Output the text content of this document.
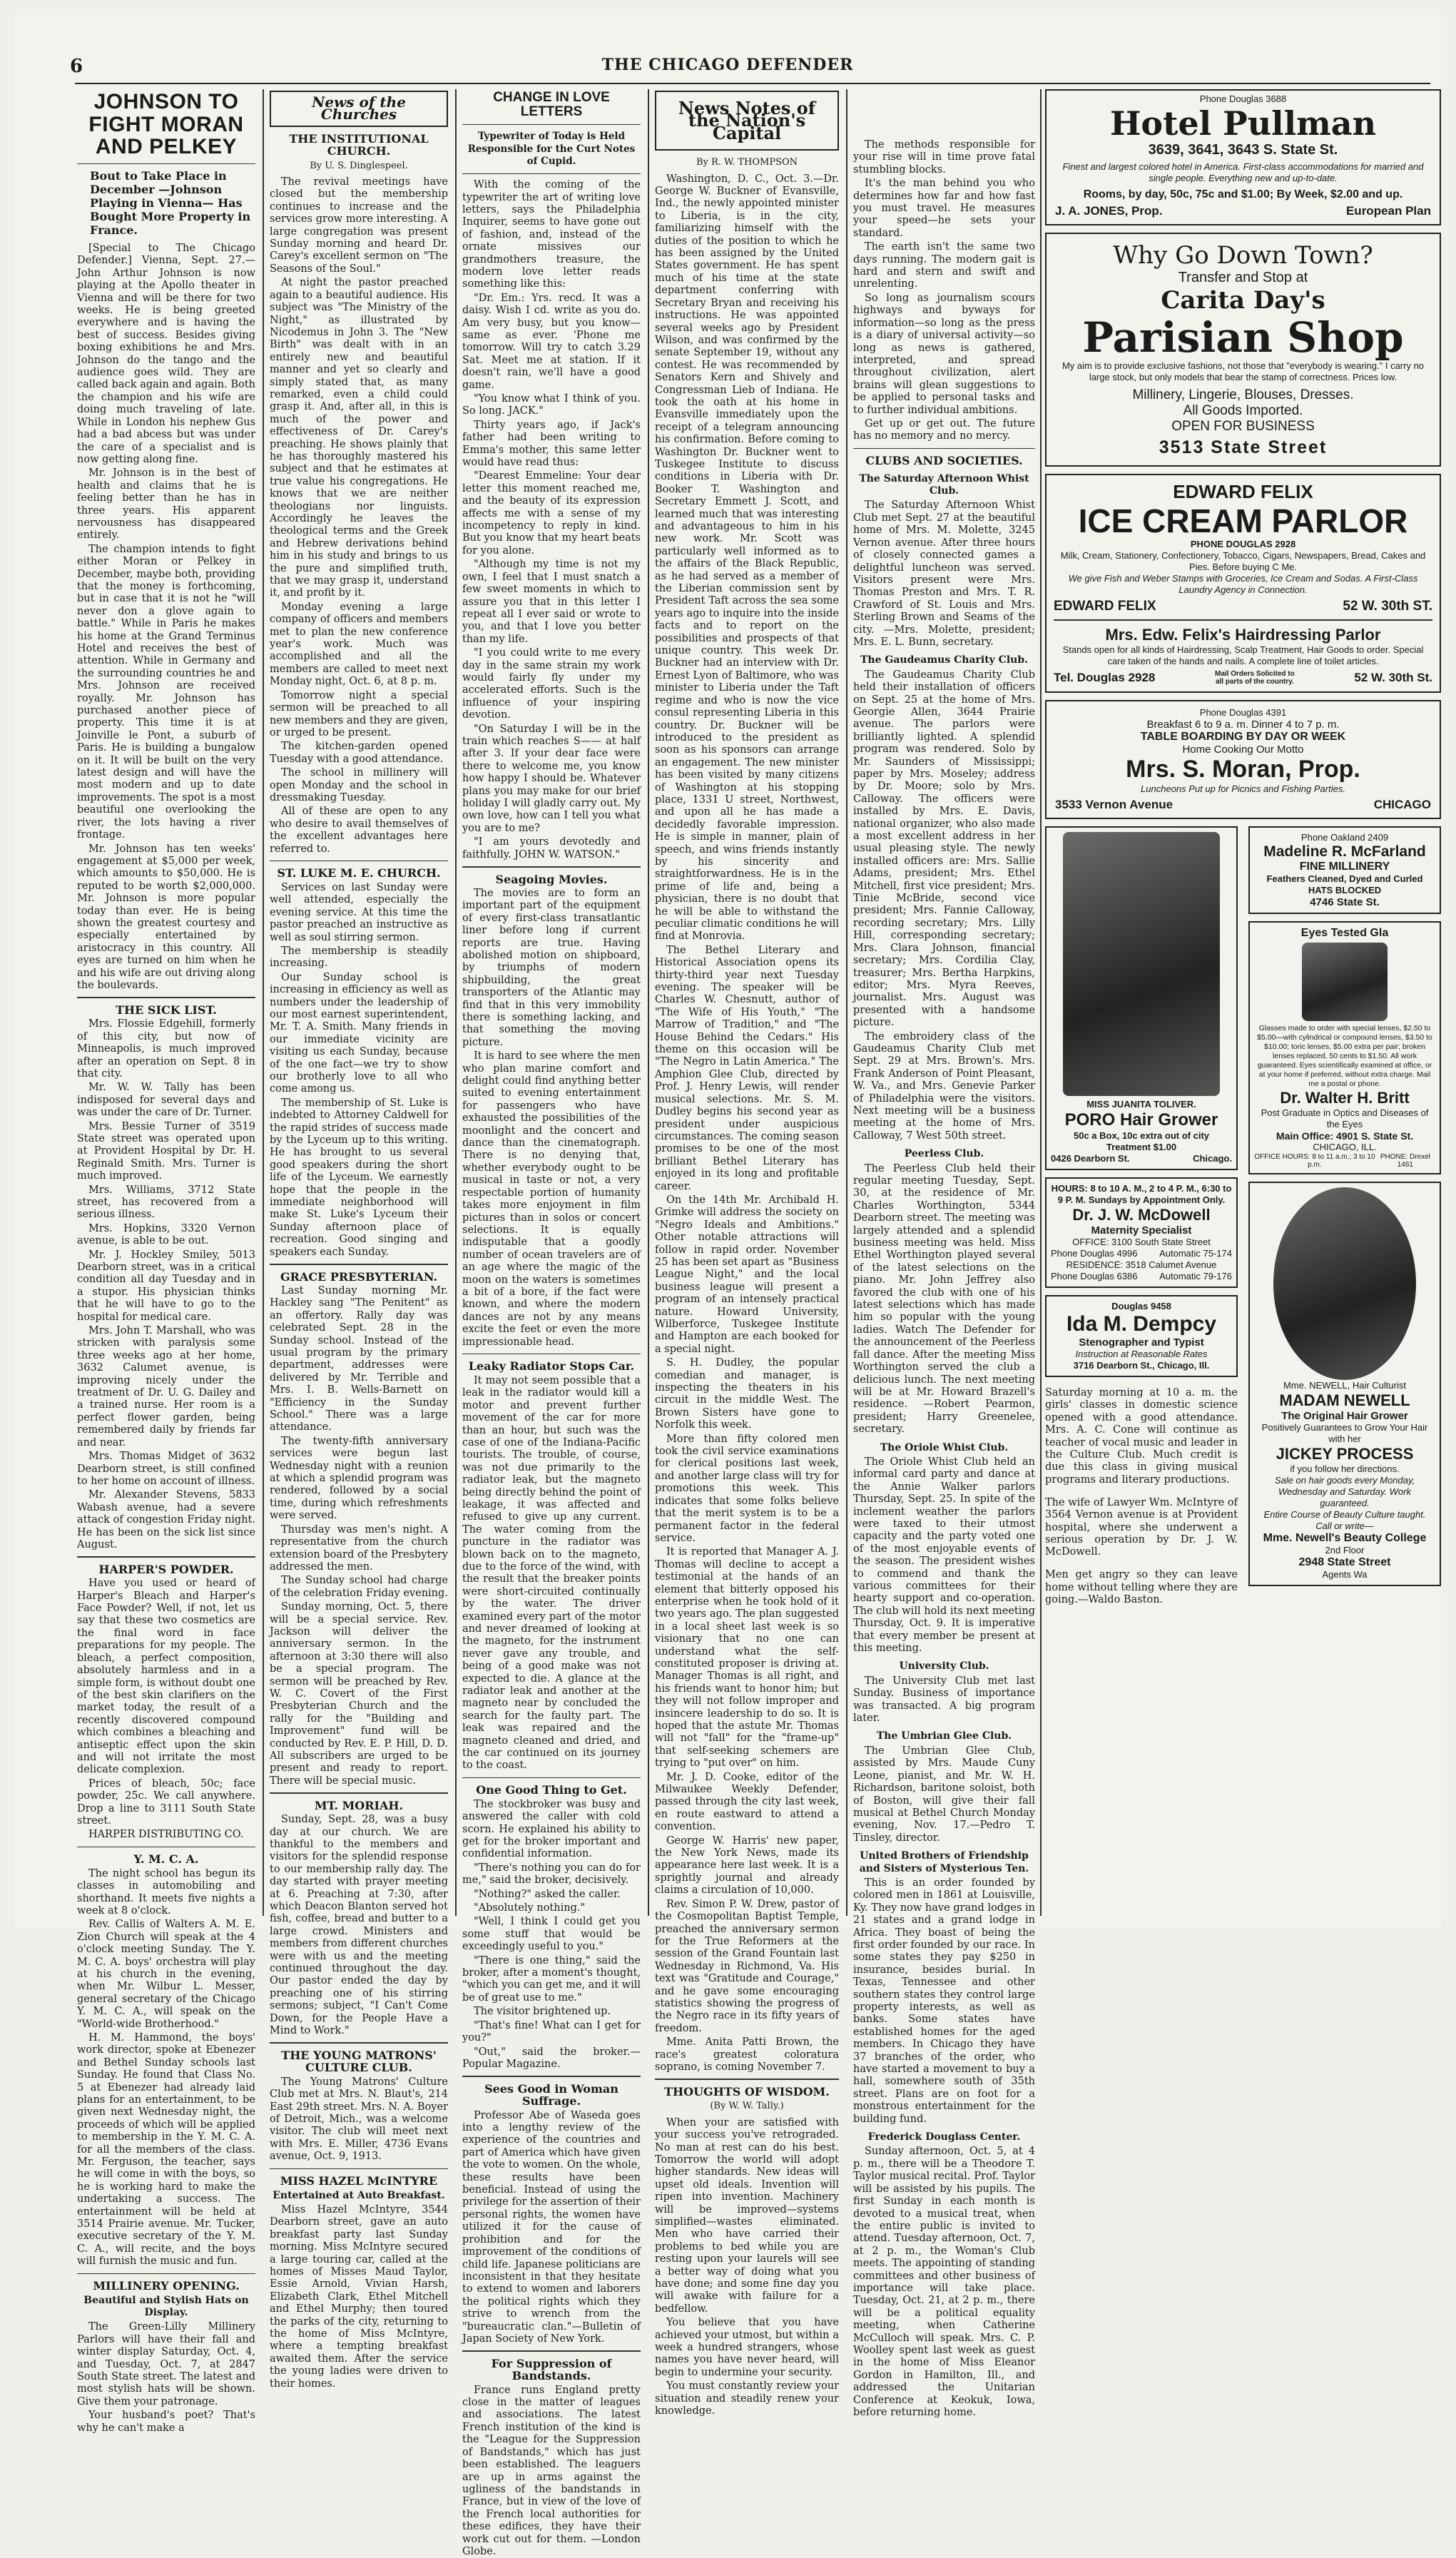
6	THE CHICAGO DEFENDER
JOHNSON TO FIGHT MORAN AND PELKEY
Bout to Take Place in December —Johnson Playing in Vienna— Has Bought More Property in France.

[Special to The Chicago Defender.] Vienna, Sept. 27.—John Arthur Johnson is now playing at the Apollo theater in Vienna and will be there for two weeks. He is being greeted everywhere and is having the best of success. Besides giving boxing exhibitions he and Mrs. Johnson do the tango and the audience goes wild. They are called back again and again. Both the champion and his wife are doing much traveling of late. While in London his nephew Gus had a bad abcess but was under the care of a specialist and is now getting along fine.

Mr. Johnson is in the best of health and claims that he is feeling better than he has in three years. His apparent nervousness has disappeared entirely.

The champion intends to fight either Moran or Pelkey in December, maybe both, providing that the money is forthcoming, but in case that it is not he "will never don a glove again to battle." While in Paris he makes his home at the Grand Terminus Hotel and receives the best of attention. While in Germany and the surrounding countries he and Mrs. Johnson are received royally. Mr. Johnson has purchased another piece of property. This time it is at Joinville le Pont, a suburb of Paris. He is building a bungalow on it. It will be built on the very latest design and will have the most modern and up to date improvements. The spot is a most beautiful one overlooking the river, the lots having a river frontage.

Mr. Johnson has ten weeks' engagement at $5,000 per week, which amounts to $50,000. He is reputed to be worth $2,000,000. Mr. Johnson is more popular today than ever. He is being shown the greatest courtesy and especially entertained by aristocracy in this country. All eyes are turned on him when he and his wife are out driving along the boulevards.

THE SICK LIST.

Mrs. Flossie Edgehill, formerly of this city, but now of Minneapolis, is much improved after an operation on Sept. 8 in that city.

Mr. W. W. Tally has been indisposed for several days and was under the care of Dr. Turner.

Mrs. Bessie Turner of 3519 State street was operated upon at Provident Hospital by Dr. H. Reginald Smith. Mrs. Turner is much improved.

Mrs. Williams, 3712 State street, has recovered from a serious illness.

Mrs. Hopkins, 3320 Vernon avenue, is able to be out.

Mr. J. Hockley Smiley, 5013 Dearborn street, was in a critical condition all day Tuesday and in a stupor. His physician thinks that he will have to go to the hospital for medical care.

Mrs. John T. Marshall, who was stricken with paralysis some three weeks ago at her home, 3632 Calumet avenue, is improving nicely under the treatment of Dr. U. G. Dailey and a trained nurse. Her room is a perfect flower garden, being remembered daily by friends far and near.

Mrs. Thomas Midget of 3632 Dearborn street, is still confined to her home on account of illness.

Mr. Alexander Stevens, 5833 Wabash avenue, had a severe attack of congestion Friday night. He has been on the sick list since August.

HARPER'S POWDER.

Have you used or heard of Harper's Bleach and Harper's Face Powder? Well, if not, let us say that these two cosmetics are the final word in face preparations for my people. The bleach, a perfect composition, absolutely harmless and in a simple form, is without doubt one of the best skin clarifiers on the market today, the result of a recently discovered compound which combines a bleaching and antiseptic effect upon the skin and will not irritate the most delicate complexion.

Prices of bleach, 50c; face powder, 25c. We call anywhere. Drop a line to 3111 South State street.

HARPER DISTRIBUTING CO.

Y. M. C. A.

The night school has begun its classes in automobiling and shorthand. It meets five nights a week at 8 o'clock.

Rev. Callis of Walters A. M. E. Zion Church will speak at the 4 o'clock meeting Sunday. The Y. M. C. A. boys' orchestra will play at his church in the evening, when Mr. Wilbur L. Messer, general secretary of the Chicago Y. M. C. A., will speak on the "World-wide Brotherhood."

H. M. Hammond, the boys' work director, spoke at Ebenezer and Bethel Sunday schools last Sunday. He found that Class No. 5 at Ebenezer had already laid plans for an entertainment, to be given next Wednesday night, the proceeds of which will be applied to membership in the Y. M. C. A. for all the members of the class. Mr. Ferguson, the teacher, says he will come in with the boys, so he is working hard to make the undertaking a success. The entertainment will be held at 3514 Prairie avenue. Mr. Tucker, executive secretary of the Y. M. C. A., will recite, and the boys will furnish the music and fun.

MILLINERY OPENING.
Beautiful and Stylish Hats on Display.

The Green-Lilly Millinery Parlors will have their fall and winter display Saturday, Oct. 4, and Tuesday, Oct. 7, at 2847 South State street. The latest and most stylish hats will be shown. Give them your patronage.

Your husband's poet? That's why he can't make a

News of the Churches
THE INSTITUTIONAL CHURCH.
By U. S. Dinglespeel.

The revival meetings have closed but the membership continues to increase and the services grow more interesting. A large congregation was present Sunday morning and heard Dr. Carey's excellent sermon on "The Seasons of the Soul."

At night the pastor preached again to a beautiful audience. His subject was "The Ministry of the Night," as illustrated by Nicodemus in John 3. The "New Birth" was dealt with in an entirely new and beautiful manner and yet so clearly and simply stated that, as many remarked, even a child could grasp it. And, after all, in this is much of the power and effectiveness of Dr. Carey's preaching. He shows plainly that he has thoroughly mastered his subject and that he estimates at true value his congregations. He knows that we are neither theologians nor linguists. Accordingly he leaves the theological terms and the Greek and Hebrew derivations behind him in his study and brings to us the pure and simplified truth, that we may grasp it, understand it, and profit by it.

Monday evening a large company of officers and members met to plan the new conference year's work. Much was accomplished and all the members are called to meet next Monday night, Oct. 6, at 8 p. m.

Tomorrow night a special sermon will be preached to all new members and they are given, or urged to be present.

The kitchen-garden opened Tuesday with a good attendance.

The school in millinery will open Monday and the school in dressmaking Tuesday.

All of these are open to any who desire to avail themselves of the excellent advantages here referred to.

ST. LUKE M. E. CHURCH.

Services on last Sunday were well attended, especially the evening service. At this time the pastor preached an instructive as well as soul stirring sermon.

The membership is steadily increasing.

Our Sunday school is increasing in efficiency as well as numbers under the leadership of our most earnest superintendent, Mr. T. A. Smith. Many friends in our immediate vicinity are visiting us each Sunday, because of the one fact—we try to show our brotherly love to all who come among us.

The membership of St. Luke is indebted to Attorney Caldwell for the rapid strides of success made by the Lyceum up to this writing. He has brought to us several good speakers during the short life of the Lyceum. We earnestly hope that the people in the immediate neighborhood will make St. Luke's Lyceum their Sunday afternoon place of recreation. Good singing and speakers each Sunday.

GRACE PRESBYTERIAN.

Last Sunday morning Mr. Hackley sang "The Penitent" as an offertory. Rally day was celebrated Sept. 28 in the Sunday school. Instead of the usual program by the primary department, addresses were delivered by Mr. Terrible and Mrs. I. B. Wells-Barnett on "Efficiency in the Sunday School." There was a large attendance.

The twenty-fifth anniversary services were begun last Wednesday night with a reunion at which a splendid program was rendered, followed by a social time, during which refreshments were served.

Thursday was men's night. A representative from the church extension board of the Presbytery addressed the men.

The Sunday school had charge of the celebration Friday evening.

Sunday morning, Oct. 5, there will be a special service. Rev. Jackson will deliver the anniversary sermon. In the afternoon at 3:30 there will also be a special program. The sermon will be preached by Rev. W. C. Covert of the First Presbyterian Church and the rally for the "Building and Improvement" fund will be conducted by Rev. E. P. Hill, D. D. All subscribers are urged to be present and ready to report. There will be special music.

MT. MORIAH.

Sunday, Sept. 28, was a busy day at our church. We are thankful to the members and visitors for the splendid response to our membership rally day. The day started with prayer meeting at 6. Preaching at 7:30, after which Deacon Blanton served hot fish, coffee, bread and butter to a large crowd. Ministers and members from different churches were with us and the meeting continued throughout the day. Our pastor ended the day by preaching one of his stirring sermons; subject, "I Can't Come Down, for the People Have a Mind to Work."

THE YOUNG MATRONS' CULTURE CLUB.

The Young Matrons' Culture Club met at Mrs. N. Blaut's, 214 East 29th street. Mrs. N. A. Boyer of Detroit, Mich., was a welcome visitor. The club will meet next with Mrs. E. Miller, 4736 Evans avenue, Oct. 9, 1913.

MISS HAZEL McINTYRE
Entertained at Auto Breakfast.

Miss Hazel McIntyre, 3544 Dearborn street, gave an auto breakfast party last Sunday morning. Miss McIntyre secured a large touring car, called at the homes of Misses Maud Taylor, Essie Arnold, Vivian Harsh, Elizabeth Clark, Ethel Mitchell and Ethel Murphy; then toured the parks of the city, returning to the home of Miss McIntyre, where a tempting breakfast awaited them. After the service the young ladies were driven to their homes.

CHANGE IN LOVE LETTERS
Typewriter of Today is Held Responsible for the Curt Notes of Cupid.

With the coming of the typewriter the art of writing love letters, says the Philadelphia Inquirer, seems to have gone out of fashion, and, instead of the ornate missives our grandmothers treasure, the modern love letter reads something like this:

"Dr. Em.: Yrs. recd. It was a daisy. Wish I cd. write as you do. Am very busy, but you know—same as ever. 'Phone me tomorrow. Will try to catch 3.29 Sat. Meet me at station. If it doesn't rain, we'll have a good game.

"You know what I think of you. So long. JACK."

Thirty years ago, if Jack's father had been writing to Emma's mother, this same letter would have read thus:

"Dearest Emmeline: Your dear letter this moment reached me, and the beauty of its expression affects me with a sense of my incompetency to reply in kind. But you know that my heart beats for you alone.

"Although my time is not my own, I feel that I must snatch a few sweet moments in which to assure you that in this letter I repeat all I ever said or wrote to you, and that I love you better than my life.

"I you could write to me every day in the same strain my work would fairly fly under my accelerated efforts. Such is the influence of your inspiring devotion.

"On Saturday I will be in the train which reaches S—— at half after 3. If your dear face were there to welcome me, you know how happy I should be. Whatever plans you may make for our brief holiday I will gladly carry out. My own love, how can I tell you what you are to me?

"I am yours devotedly and faithfully. JOHN W. WATSON."

Seagoing Movies.

The movies are to form an important part of the equipment of every first-class transatlantic liner before long if current reports are true. Having abolished motion on shipboard, by triumphs of modern shipbuilding, the great transporters of the Atlantic may find that in this very immobility there is something lacking, and that something the moving picture.

It is hard to see where the men who plan marine comfort and delight could find anything better suited to evening entertainment for passengers who have exhausted the possibilities of the moonlight and the concert and dance than the cinematograph. There is no denying that, whether everybody ought to be musical in taste or not, a very respectable portion of humanity takes more enjoyment in film pictures than in solos or concert selections. It is equally indisputable that a goodly number of ocean travelers are of an age where the magic of the moon on the waters is sometimes a bit of a bore, if the fact were known, and where the modern dances are not by any means excite the feet or even the more impressionable head.

Leaky Radiator Stops Car.

It may not seem possible that a leak in the radiator would kill a motor and prevent further movement of the car for more than an hour, but such was the case of one of the Indiana-Pacific tourists. The trouble, of course, was not due primarily to the radiator leak, but the magneto being directly behind the point of leakage, it was affected and refused to give up any current. The water coming from the puncture in the radiator was blown back on to the magneto, due to the force of the wind, with the result that the breaker points were short-circuited continually by the water. The driver examined every part of the motor and never dreamed of looking at the magneto, for the instrument never gave any trouble, and being of a good make was not expected to die. A glance at the radiator leak and another at the magneto near by concluded the search for the faulty part. The leak was repaired and the magneto cleaned and dried, and the car continued on its journey to the coast.

One Good Thing to Get.

The stockbroker was busy and answered the caller with cold scorn. He explained his ability to get for the broker important and confidential information.

"There's nothing you can do for me," said the broker, decisively.

"Nothing?" asked the caller.

"Absolutely nothing."

"Well, I think I could get you some stuff that would be exceedingly useful to you."

"There is one thing," said the broker, after a moment's thought, "which you can get me, and it will be of great use to me."

The visitor brightened up.

"That's fine! What can I get for you?"

"Out," said the broker.—Popular Magazine.

Sees Good in Woman Suffrage.

Professor Abe of Waseda goes into a lengthy review of the experience of the countries and part of America which have given the vote to women. On the whole, these results have been beneficial. Instead of using the privilege for the assertion of their personal rights, the women have utilized it for the cause of prohibition and for the improvement of the conditions of child life. Japanese politicians are inconsistent in that they hesitate to extend to women and laborers the political rights which they strive to wrench from the "bureaucratic clan."—Bulletin of Japan Society of New York.

For Suppression of Bandstands.

France runs England pretty close in the matter of leagues and associations. The latest French institution of the kind is the "League for the Suppression of Bandstands," which has just been established. The leaguers are up in arms against the ugliness of the bandstands in France, but in view of the love of the French local authorities for these edifices, they have their work cut out for them. —London Globe.

News Notes of the Nation's Capital
By R. W. THOMPSON

Washington, D. C., Oct. 3.—Dr. George W. Buckner of Evansville, Ind., the newly appointed minister to Liberia, is in the city, familiarizing himself with the duties of the position to which he has been assigned by the United States government. He has spent much of his time at the state department conferring with Secretary Bryan and receiving his instructions. He was appointed several weeks ago by President Wilson, and was confirmed by the senate September 19, without any contest. He was recommended by Senators Kern and Shively and Congressman Lieb of Indiana. He took the oath at his home in Evansville immediately upon the receipt of a telegram announcing his confirmation. Before coming to Washington Dr. Buckner went to Tuskegee Institute to discuss conditions in Liberia with Dr. Booker T. Washington and Secretary Emmett J. Scott, and learned much that was interesting and advantageous to him in his new work. Mr. Scott was particularly well informed as to the affairs of the Black Republic, as he had served as a member of the Liberian commission sent by President Taft across the sea some years ago to inquire into the inside facts and to report on the possibilities and prospects of that unique country. This week Dr. Buckner had an interview with Dr. Ernest Lyon of Baltimore, who was minister to Liberia under the Taft regime and who is now the vice consul representing Liberia in this country. Dr. Buckner will be introduced to the president as soon as his sponsors can arrange an engagement. The new minister has been visited by many citizens of Washington at his stopping place, 1331 U street, Northwest, and upon all he has made a decidedly favorable impression. He is simple in manner, plain of speech, and wins friends instantly by his sincerity and straightforwardness. He is in the prime of life and, being a physician, there is no doubt that he will be able to withstand the peculiar climatic conditions he will find at Monrovia.

The Bethel Literary and Historical Association opens its thirty-third year next Tuesday evening. The speaker will be Charles W. Chesnutt, author of "The Wife of His Youth," "The Marrow of Tradition," and "The House Behind the Cedars." His theme on this occasion will be "The Negro in Latin America." The Amphion Glee Club, directed by Prof. J. Henry Lewis, will render musical selections. Mr. S. M. Dudley begins his second year as president under auspicious circumstances. The coming season promises to be one of the most brilliant Bethel Literary has enjoyed in its long and profitable career.

On the 14th Mr. Archibald H. Grimke will address the society on "Negro Ideals and Ambitions." Other notable attractions will follow in rapid order. November 25 has been set apart as "Business League Night," and the local business league will present a program of an intensely practical nature. Howard University, Wilberforce, Tuskegee Institute and Hampton are each booked for a special night.

S. H. Dudley, the popular comedian and manager, is inspecting the theaters in his circuit in the middle West. The Brown Sisters have gone to Norfolk this week.

More than fifty colored men took the civil service examinations for clerical positions last week, and another large class will try for promotions this week. This indicates that some folks believe that the merit system is to be a permanent factor in the federal service.

It is reported that Manager A. J. Thomas will decline to accept a testimonial at the hands of an element that bitterly opposed his enterprise when he took hold of it two years ago. The plan suggested in a local sheet last week is so visionary that no one can understand what the self-constituted proposer is driving at. Manager Thomas is all right, and his friends want to honor him; but they will not follow improper and insincere leadership to do so. It is hoped that the astute Mr. Thomas will not "fall" for the "frame-up" that self-seeking schemers are trying to "put over" on him.

Mr. J. D. Cooke, editor of the Milwaukee Weekly Defender, passed through the city last week, en route eastward to attend a convention.

George W. Harris' new paper, the New York News, made its appearance here last week. It is a sprightly journal and already claims a circulation of 10,000.

Rev. Simon P. W. Drew, pastor of the Cosmopolitan Baptist Temple, preached the anniversary sermon for the True Reformers at the session of the Grand Fountain last Wednesday in Richmond, Va. His text was "Gratitude and Courage," and he gave some encouraging statistics showing the progress of the Negro race in its fifty years of freedom.

Mme. Anita Patti Brown, the race's greatest coloratura soprano, is coming November 7.

THOUGHTS OF WISDOM.
(By W. W. Tally.)

When your are satisfied with your success you've retrograded. No man at rest can do his best. Tomorrow the world will adopt higher standards. New ideas will upset old ideals. Invention will ripen into invention. Machinery will be improved—systems simplified—wastes eliminated. Men who have carried their problems to bed while you are resting upon your laurels will see a better way of doing what you have done; and some fine day you will awake with failure for a bedfellow.

You believe that you have achieved your utmost, but within a week a hundred strangers, whose names you have never heard, will begin to undermine your security.

You must constantly review your situation and steadily renew your knowledge.

The methods responsible for your rise will in time prove fatal stumbling blocks.

It's the man behind you who determines how far and how fast you must travel. He measures your speed—he sets your standard.

The earth isn't the same two days running. The modern gait is hard and stern and swift and unrelenting.

So long as journalism scours highways and byways for information—so long as the press is a diary of universal activity—so long as news is gathered, interpreted, and spread throughout civilization, alert brains will glean suggestions to be applied to personal tasks and to further individual ambitions.

Get up or get out. The future has no memory and no mercy.

CLUBS AND SOCIETIES.
The Saturday Afternoon Whist Club.

The Saturday Afternoon Whist Club met Sept. 27 at the beautiful home of Mrs. M. Molette, 3245 Vernon avenue. After three hours of closely connected games a delightful luncheon was served. Visitors present were Mrs. Thomas Preston and Mrs. T. R. Crawford of St. Louis and Mrs. Sterling Brown and Seams of the city. —Mrs. Molette, president; Mrs. E. L. Bunn, secretary.

The Gaudeamus Charity Club.

The Gaudeamus Charity Club held their installation of officers on Sept. 25 at the home of Mrs. Georgie Allen, 3644 Prairie avenue. The parlors were brilliantly lighted. A splendid program was rendered. Solo by Mr. Saunders of Mississippi; paper by Mrs. Moseley; address by Dr. Moore; solo by Mrs. Calloway. The officers were installed by Mrs. E. Davis, national organizer, who also made a most excellent address in her usual pleasing style. The newly installed officers are: Mrs. Sallie Adams, president; Mrs. Ethel Mitchell, first vice president; Mrs. Tinie McBride, second vice president; Mrs. Fannie Calloway, recording secretary; Mrs. Lilly Hill, corresponding secretary; Mrs. Clara Johnson, financial secretary; Mrs. Cordilia Clay, treasurer; Mrs. Bertha Harpkins, editor; Mrs. Myra Reeves, journalist. Mrs. August was presented with a handsome picture.

The embroidery class of the Gaudeamus Charity Club met Sept. 29 at Mrs. Brown's. Mrs. Frank Anderson of Point Pleasant, W. Va., and Mrs. Genevie Parker of Philadelphia were the visitors. Next meeting will be a business meeting at the home of Mrs. Calloway, 7 West 50th street.

Peerless Club.

The Peerless Club held their regular meeting Tuesday, Sept. 30, at the residence of Mr. Charles Worthington, 5344 Dearborn street. The meeting was largely attended and a splendid business meeting was held. Miss Ethel Worthington played several of the latest selections on the piano. Mr. John Jeffrey also favored the club with one of his latest selections which has made him so popular with the young ladies. Watch The Defender for the announcement of the Peerless fall dance. After the meeting Miss Worthington served the club a delicious lunch. The next meeting will be at Mr. Howard Brazell's residence. —Robert Pearmon, president; Harry Greenelee, secretary.

The Oriole Whist Club.

The Oriole Whist Club held an informal card party and dance at the Annie Walker parlors Thursday, Sept. 25. In spite of the inclement weather the parlors were taxed to their utmost capacity and the party voted one of the most enjoyable events of the season. The president wishes to commend and thank the various committees for their hearty support and co-operation. The club will hold its next meeting Thursday, Oct. 9. It is imperative that every member be present at this meeting.

University Club.

The University Club met last Sunday. Business of importance was transacted. A big program later.

The Umbrian Glee Club.

The Umbrian Glee Club, assisted by Mrs. Maude Cuny Leone, pianist, and Mr. W. H. Richardson, baritone soloist, both of Boston, will give their fall musical at Bethel Church Monday evening, Nov. 17.—Pedro T. Tinsley, director.

United Brothers of Friendship and Sisters of Mysterious Ten.

This is an order founded by colored men in 1861 at Louisville, Ky. They now have grand lodges in 21 states and a grand lodge in Africa. They boast of being the first order founded by our race. In some states they pay $250 in insurance, besides burial. In Texas, Tennessee and other southern states they control large property interests, as well as banks. Some states have established homes for the aged members. In Chicago they have 37 branches of the order, who have started a movement to buy a hall, somewhere south of 35th street. Plans are on foot for a monstrous entertainment for the building fund.

Frederick Douglass Center.

Sunday afternoon, Oct. 5, at 4 p. m., there will be a Theodore T. Taylor musical recital. Prof. Taylor will be assisted by his pupils. The first Sunday in each month is devoted to a musical treat, when the entire public is invited to attend. Tuesday afternoon, Oct. 7, at 2 p. m., the Woman's Club meets. The appointing of standing committees and other business of importance will take place. Tuesday, Oct. 21, at 2 p. m., there will be a political equality meeting, when Catherine McCulloch will speak. Mrs. C. P. Woolley spent last week as guest in the home of Miss Eleanor Gordon in Hamilton, Ill., and addressed the Unitarian Conference at Keokuk, Iowa, before returning home.

Phone Douglas 3688
Hotel Pullman
3639, 3641, 3643 S. State St.
Finest and largest colored hotel in America. First-class accommodations for married and single people. Everything new and up-to-date.
Rooms, by day, 50c, 75c and $1.00; By Week, $2.00 and up.
J. A. JONES, Prop.	European Plan
Why Go Down Town?
Transfer and Stop at
Carita Day's
Parisian Shop
My aim is to provide exclusive fashions, not those that "everybody is wearing." I carry no large stock, but only models that bear the stamp of correctness. Prices low.
Millinery, Lingerie, Blouses, Dresses.
All Goods Imported.
OPEN FOR BUSINESS
3513 State Street
EDWARD FELIX
ICE CREAM PARLOR
PHONE DOUGLAS 2928
Milk, Cream, Stationery, Confectionery, Tobacco, Cigars, Newspapers, Bread, Cakes and Pies. Before buying C Me.
We give Fish and Weber Stamps with Groceries, Ice Cream and Sodas. A First-Class Laundry Agency in Connection.
EDWARD FELIX	52 W. 30th ST.
Mrs. Edw. Felix's Hairdressing Parlor
Stands open for all kinds of Hairdressing, Scalp Treatment, Hair Goods to order. Special care taken of the hands and nails. A complete line of toilet articles.
Tel. Douglas 2928	Mail Orders Solicited to all parts of the country.	52 W. 30th St.
Phone Douglas 4391
Breakfast 6 to 9 a. m. Dinner 4 to 7 p. m.
TABLE BOARDING BY DAY OR WEEK
Home Cooking Our Motto
Mrs. S. Moran, Prop.
Luncheons Put up for Picnics and Fishing Parties.
3533 Vernon Avenue	CHICAGO
MISS JUANITA TOLIVER.
PORO Hair Grower
50c a Box, 10c extra out of city
Treatment $1.00
0426 Dearborn St.	Chicago.
HOURS: 8 to 10 A. M., 2 to 4 P. M., 6:30 to 9 P. M. Sundays by Appointment Only.
Dr. J. W. McDowell
Maternity Specialist
OFFICE: 3100 South State Street
Phone Douglas 4996 Automatic 75-174
RESIDENCE: 3518 Calumet Avenue
Phone Douglas 6386 Automatic 79-176
Douglas 9458
Ida M. Dempcy
Stenographer and Typist
Instruction at Reasonable Rates
3716 Dearborn St., Chicago, Ill.

Saturday morning at 10 a. m. the girls' classes in domestic science opened with a good attendance. Mrs. A. C. Cone will continue as teacher of vocal music and leader in the Culture Club. Much credit is due this class in giving musical programs and literary productions.

The wife of Lawyer Wm. McIntyre of 3564 Vernon avenue is at Provident hospital, where she underwent a serious operation by Dr. J. W. McDowell.

Men get angry so they can leave home without telling where they are going.—Waldo Baston.

Phone Oakland 2409
Madeline R. McFarland
FINE MILLINERY
Feathers Cleaned, Dyed and Curled
HATS BLOCKED
4746 State St.
Eyes Tested Gla
Glasses made to order with special lenses, $2.50 to $5.00—with cylindrical or compound lenses, $3.50 to $10.00; toric lenses, $5.00 extra per pair; broken lenses replaced, 50 cents to $1.50. All work guaranteed. Eyes scientifically examined at office, or at your home if preferred, without extra charge. Mail me a postal or phone.
Dr. Walter H. Britt
Post Graduate in Optics and Diseases of the Eyes
Main Office: 4901 S. State St.
CHICAGO, ILL.
OFFICE HOURS: 8 to 11 a.m.; 3 to 10 p.m.
PHONE: Drexel 1461
Mme. NEWELL, Hair Culturist
MADAM NEWELL
The Original Hair Grower
Positively Guarantees to Grow Your Hair with her
JICKEY PROCESS
if you follow her directions.
Sale on hair goods every Monday, Wednesday and Saturday. Work guaranteed.
Entire Course of Beauty Culture taught.
Call or write—
Mme. Newell's Beauty College
2nd Floor
2948 State Street
Agents Wa
